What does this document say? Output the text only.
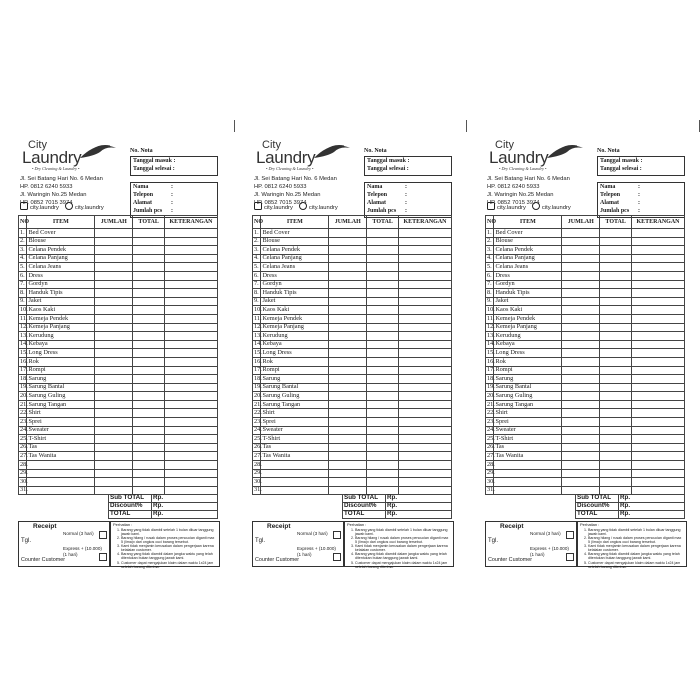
City
Laundry
• Dry Cleaning & Laundry •
Jl. Sei Batang Hari No. 6 Medan
HP. 0812 6240 5933
Jl. Waringin No.25 Medan
HP. 0852 7015 3974
city.laundry	city.laundry
No. Nota
Tanggal masuk :
Tanggal selesai :
Nama	:
Telepon	:
Alamat	:
Jumlah pcs	:
NO	ITEM	JUMLAH	TOTAL	KETERANGAN
1.	Bed Cover			
2.	Blouse			
3.	Celana Pendek			
4.	Celana Panjang			
5.	Celana Jeans			
6.	Dress			
7.	Gordyn			
8.	Handuk Tipis			
9.	Jaket			
10.	Kaos Kaki			
11.	Kemeja Pendek			
12.	Kemeja Panjang			
13.	Kerudung			
14.	Kebaya			
15.	Long Dress			
16.	Rok			
17.	Rompi			
18.	Sarung			
19.	Sarung Bantal			
20.	Sarung Guling			
21.	Sarung Tangan			
22.	Shirt			
23.	Sprei			
24.	Sweater			
25.	T-Shirt			
26.	Tas			
27.	Tas Wanita			
28.				
29.				
30.				
31.				
Sub TOTAL	Rp.
Discount%	Rp.
TOTAL	Rp.
Receipt
Tgl.
Normal (3 hari)
Express + (10.000)
(1 hari)
Counter Customer
Perhatian :
1. Barang yang tidak diambil setelah 1 bulan diluar tanggung jawab kami.
2. Barang hilang / rusak dalam proses pencucian diganti max 5 (lima)x dari ongkos cuci barang tersebut.
3. Kami tidak menjamin kerusakan dalam pengerjaan karena kelalaian customer.
4. Barang yang tidak diambil dalam jangka waktu yang telah ditentukan bukan tanggung jawab kami.
5. Customer dapat mengajukan klaim dalam waktu 1x24 jam setelah barang diterima.
City
Laundry
• Dry Cleaning & Laundry •
Jl. Sei Batang Hari No. 6 Medan
HP. 0812 6240 5933
Jl. Waringin No.25 Medan
HP. 0852 7015 3974
city.laundry	city.laundry
No. Nota
Tanggal masuk :
Tanggal selesai :
Nama	:
Telepon	:
Alamat	:
Jumlah pcs	:
NO	ITEM	JUMLAH	TOTAL	KETERANGAN
1.	Bed Cover			
2.	Blouse			
3.	Celana Pendek			
4.	Celana Panjang			
5.	Celana Jeans			
6.	Dress			
7.	Gordyn			
8.	Handuk Tipis			
9.	Jaket			
10.	Kaos Kaki			
11.	Kemeja Pendek			
12.	Kemeja Panjang			
13.	Kerudung			
14.	Kebaya			
15.	Long Dress			
16.	Rok			
17.	Rompi			
18.	Sarung			
19.	Sarung Bantal			
20.	Sarung Guling			
21.	Sarung Tangan			
22.	Shirt			
23.	Sprei			
24.	Sweater			
25.	T-Shirt			
26.	Tas			
27.	Tas Wanita			
28.				
29.				
30.				
31.				
Sub TOTAL	Rp.
Discount%	Rp.
TOTAL	Rp.
Receipt
Tgl.
Normal (3 hari)
Express + (10.000)
(1 hari)
Counter Customer
Perhatian :
1. Barang yang tidak diambil setelah 1 bulan diluar tanggung jawab kami.
2. Barang hilang / rusak dalam proses pencucian diganti max 5 (lima)x dari ongkos cuci barang tersebut.
3. Kami tidak menjamin kerusakan dalam pengerjaan karena kelalaian customer.
4. Barang yang tidak diambil dalam jangka waktu yang telah ditentukan bukan tanggung jawab kami.
5. Customer dapat mengajukan klaim dalam waktu 1x24 jam setelah barang diterima.
City
Laundry
• Dry Cleaning & Laundry •
Jl. Sei Batang Hari No. 6 Medan
HP. 0812 6240 5933
Jl. Waringin No.25 Medan
HP. 0852 7015 3974
city.laundry	city.laundry
No. Nota
Tanggal masuk :
Tanggal selesai :
Nama	:
Telepon	:
Alamat	:
Jumlah pcs	:
NO	ITEM	JUMLAH	TOTAL	KETERANGAN
1.	Bed Cover			
2.	Blouse			
3.	Celana Pendek			
4.	Celana Panjang			
5.	Celana Jeans			
6.	Dress			
7.	Gordyn			
8.	Handuk Tipis			
9.	Jaket			
10.	Kaos Kaki			
11.	Kemeja Pendek			
12.	Kemeja Panjang			
13.	Kerudung			
14.	Kebaya			
15.	Long Dress			
16.	Rok			
17.	Rompi			
18.	Sarung			
19.	Sarung Bantal			
20.	Sarung Guling			
21.	Sarung Tangan			
22.	Shirt			
23.	Sprei			
24.	Sweater			
25.	T-Shirt			
26.	Tas			
27.	Tas Wanita			
28.				
29.				
30.				
31.				
Sub TOTAL	Rp.
Discount%	Rp.
TOTAL	Rp.
Receipt
Tgl.
Normal (3 hari)
Express + (10.000)
(1 hari)
Counter Customer
Perhatian :
1. Barang yang tidak diambil setelah 1 bulan diluar tanggung jawab kami.
2. Barang hilang / rusak dalam proses pencucian diganti max 5 (lima)x dari ongkos cuci barang tersebut.
3. Kami tidak menjamin kerusakan dalam pengerjaan karena kelalaian customer.
4. Barang yang tidak diambil dalam jangka waktu yang telah ditentukan bukan tanggung jawab kami.
5. Customer dapat mengajukan klaim dalam waktu 1x24 jam setelah barang diterima.
